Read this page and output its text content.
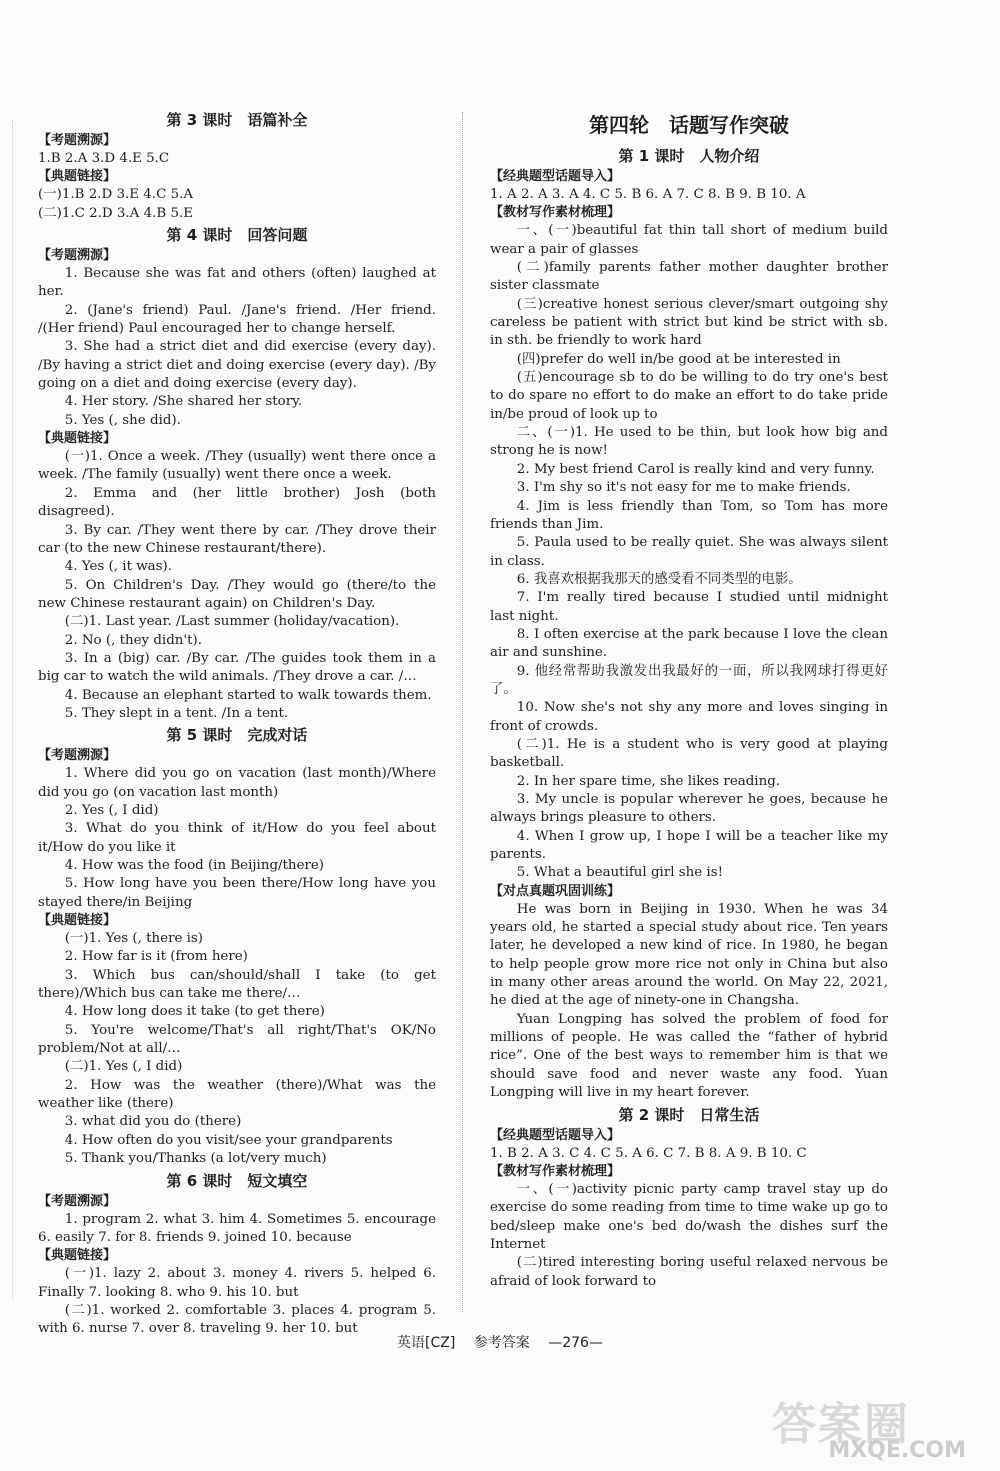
第 3 课时　语篇补全
【考题溯源】

1.B 2.A 3.D 4.E 5.C

【典题链接】

(一)1.B 2.D 3.E 4.C 5.A

(二)1.C 2.D 3.A 4.B 5.E

第 4 课时　回答问题
【考题溯源】

1. Because she was fat and others (often) laughed at her.

2. (Jane's friend) Paul. /Jane's friend. /Her friend. /(Her friend) Paul encouraged her to change herself.

3. She had a strict diet and did exercise (every day). /By having a strict diet and doing exercise (every day). /By going on a diet and doing exercise (every day).

4. Her story. /She shared her story.

5. Yes (, she did).

【典题链接】

(一)1. Once a week. /They (usually) went there once a week. /The family (usually) went there once a week.

2. Emma and (her little brother) Josh (both disagreed).

3. By car. /They went there by car. /They drove their car (to the new Chinese restaurant/there).

4. Yes (, it was).

5. On Children's Day. /They would go (there/to the new Chinese restaurant again) on Children's Day.

(二)1. Last year. /Last summer (holiday/vacation).

2. No (, they didn't).

3. In a (big) car. /By car. /The guides took them in a big car to watch the wild animals. /They drove a car. /…

4. Because an elephant started to walk towards them.

5. They slept in a tent. /In a tent.

第 5 课时　完成对话
【考题溯源】

1. Where did you go on vacation (last month)/Where did you go (on vacation last month)

2. Yes (, I did)

3. What do you think of it/How do you feel about it/How do you like it

4. How was the food (in Beijing/there)

5. How long have you been there/How long have you stayed there/in Beijing

【典题链接】

(一)1. Yes (, there is)

2. How far is it (from here)

3. Which bus can/should/shall I take (to get there)/Which bus can take me there/…

4. How long does it take (to get there)

5. You're welcome/That's all right/That's OK/No problem/Not at all/…

(二)1. Yes (, I did)

2. How was the weather (there)/What was the weather like (there)

3. what did you do (there)

4. How often do you visit/see your grandparents

5. Thank you/Thanks (a lot/very much)

第 6 课时　短文填空
【考题溯源】

1. program 2. what 3. him 4. Sometimes 5. encourage 6. easily 7. for 8. friends 9. joined 10. because

【典题链接】

(一)1. lazy 2. about 3. money 4. rivers 5. helped 6. Finally 7. looking 8. who 9. his 10. but

(二)1. worked 2. comfortable 3. places 4. program 5. with 6. nurse 7. over 8. traveling 9. her 10. but

第四轮　话题写作突破
第 1 课时　人物介绍
【经典题型话题导入】

1. A 2. A 3. A 4. C 5. B 6. A 7. C 8. B 9. B 10. A

【教材写作素材梳理】

一、(一)beautiful fat thin tall short of medium build wear a pair of glasses

(二)family parents father mother daughter brother sister classmate

(三)creative honest serious clever/smart outgoing shy careless be patient with strict but kind be strict with sb. in sth. be friendly to work hard

(四)prefer do well in/be good at be interested in

(五)encourage sb to do be willing to do try one's best to do spare no effort to do make an effort to do take pride in/be proud of look up to

二、(一)1. He used to be thin, but look how big and strong he is now!

2. My best friend Carol is really kind and very funny.

3. I'm shy so it's not easy for me to make friends.

4. Jim is less friendly than Tom, so Tom has more friends than Jim.

5. Paula used to be really quiet. She was always silent in class.

6. 我喜欢根据我那天的感受看不同类型的电影。

7. I'm really tired because I studied until midnight last night.

8. I often exercise at the park because I love the clean air and sunshine.

9. 他经常帮助我激发出我最好的一面，所以我网球打得更好了。

10. Now she's not shy any more and loves singing in front of crowds.

(二)1. He is a student who is very good at playing basketball.

2. In her spare time, she likes reading.

3. My uncle is popular wherever he goes, because he always brings pleasure to others.

4. When I grow up, I hope I will be a teacher like my parents.

5. What a beautiful girl she is!

【对点真题巩固训练】

He was born in Beijing in 1930. When he was 34 years old, he started a special study about rice. Ten years later, he developed a new kind of rice. In 1980, he began to help people grow more rice not only in China but also in many other areas around the world. On May 22, 2021, he died at the age of ninety-one in Changsha.

Yuan Longping has solved the problem of food for millions of people. He was called the “father of hybrid rice”. One of the best ways to remember him is that we should save food and never waste any food. Yuan Longping will live in my heart forever.

第 2 课时　日常生活
【经典题型话题导入】

1. B 2. A 3. C 4. C 5. A 6. C 7. B 8. A 9. B 10. C

【教材写作素材梳理】

一、(一)activity picnic party camp travel stay up do exercise do some reading from time to time wake up go to bed/sleep make one's bed do/wash the dishes surf the Internet

(二)tired interesting boring useful relaxed nervous be afraid of look forward to

英语[CZ]  参考答案  —276—
答案圈
MXQE.COM
